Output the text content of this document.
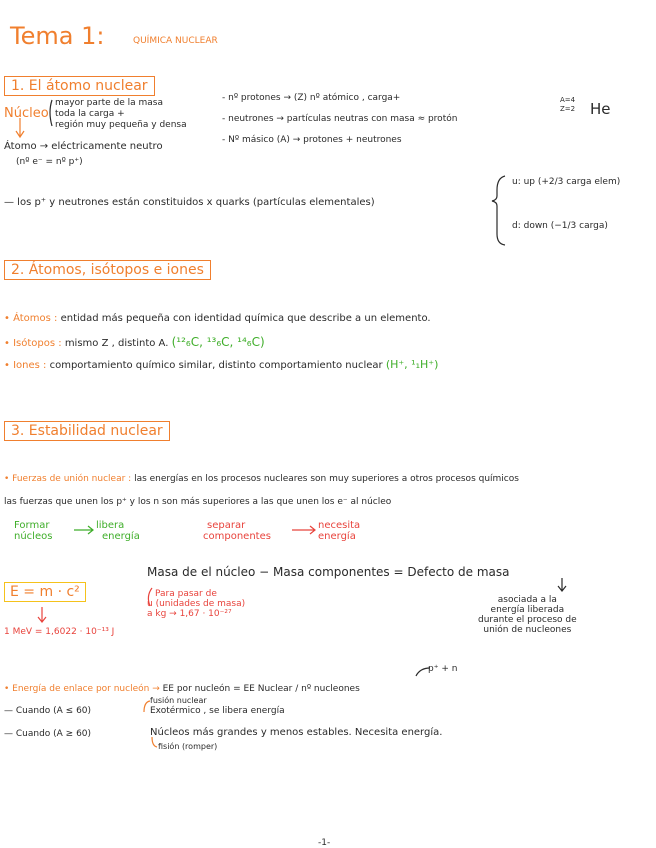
Tema 1:	QUÍMICA NUCLEAR
1. El átomo nuclear
Núcleo
mayor parte de la masa
toda la carga +
región muy pequeña y densa
- nº protones → (Z) nº atómico , carga+
- neutrones → partículas neutras con masa ≈ protón
- Nº másico (A) → protones + neutrones
A=4
Z=2 He
Átomo → eléctricamente neutro
(nº e⁻ = nº p⁺)
— los p⁺ y neutrones están constituidos x quarks (partículas elementales)
u: up (+2/3 carga elem)
d: down (−1/3 carga)
2. Átomos, isótopos e iones
• Átomos : entidad más pequeña con identidad química que describe a un elemento.
• Isótopos : mismo Z , distinto A. (¹²₆C, ¹³₆C, ¹⁴₆C)
• Iones : comportamiento químico similar, distinto comportamiento nuclear (H⁺, ¹₁H⁺)
3. Estabilidad nuclear
• Fuerzas de unión nuclear : las energías en los procesos nucleares son muy superiores a otros procesos químicos
las fuerzas que unen los p⁺ y los n son más superiores a las que unen los e⁻ al núcleo
Formar
núcleos
libera
energía
separar
componentes
necesita
energía
Masa de el núcleo − Masa componentes = Defecto de masa
asociada a la
energía liberada
durante el proceso de
unión de nucleones
E = m · c²	Para pasar de
u (unidades de masa)
a kg → 1,67 · 10⁻²⁷
1 MeV = 1,6022 · 10⁻¹³ J
p⁺ + n
• Energía de enlace por nucleón → EE por nucleón = EE Nuclear / nº nucleones
fusión nuclear
— Cuando (A ≤ 60)	Exotérmico , se libera energía
— Cuando (A ≥ 60)	Núcleos más grandes y menos estables. Necesita energía.
fisión (romper)
-1-
